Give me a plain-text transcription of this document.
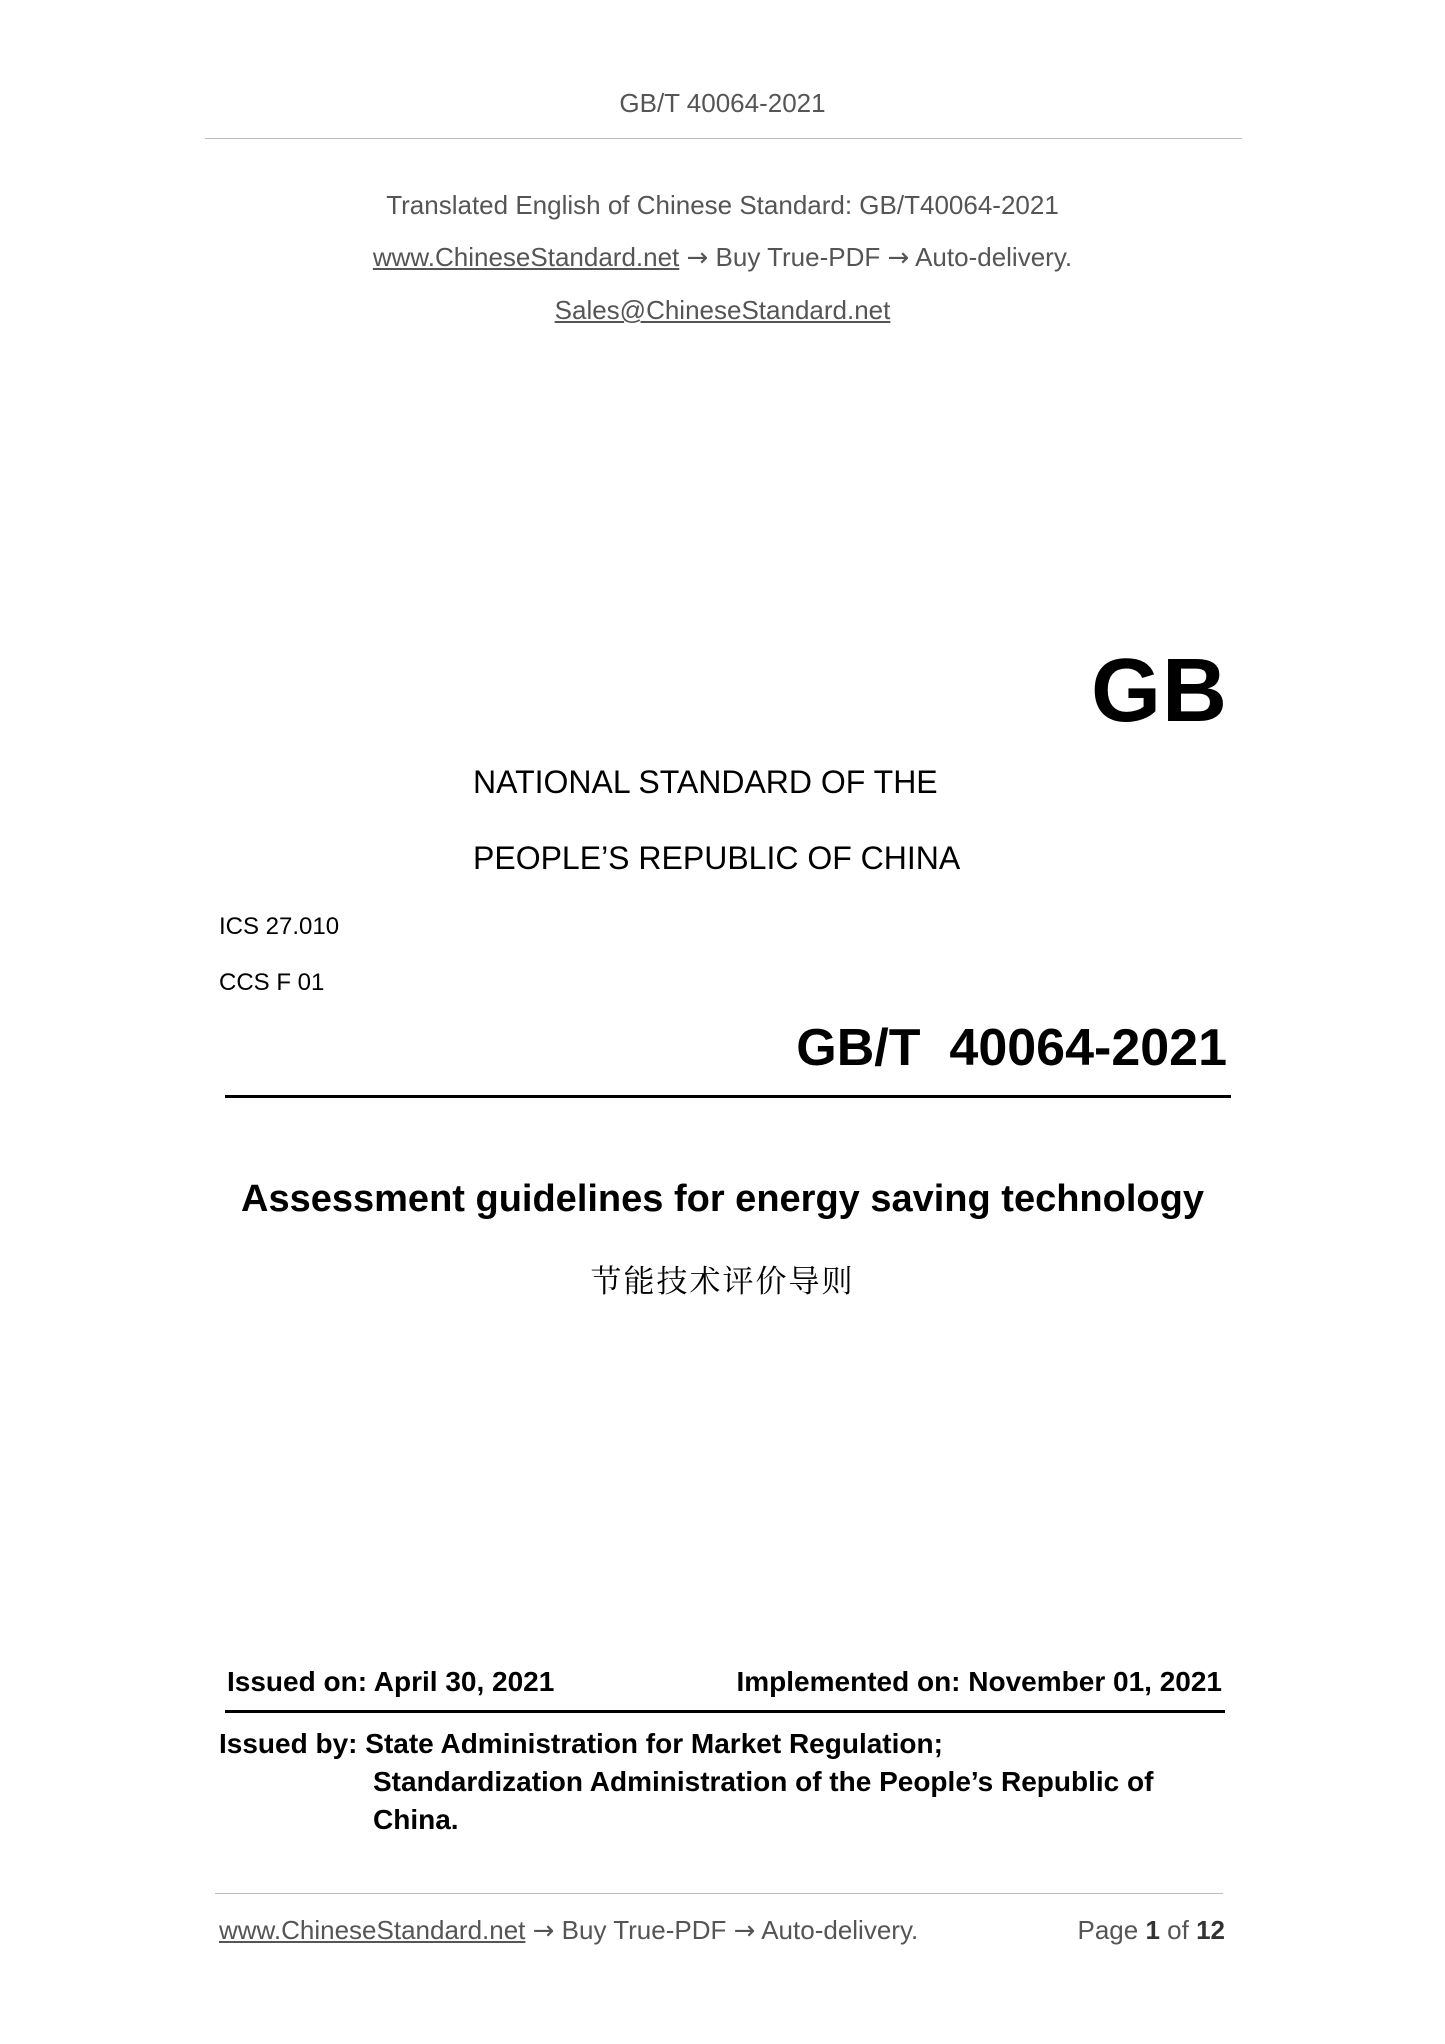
GB/T 40064-2021
Translated English of Chinese Standard: GB/T40064-2021
www.ChineseStandard.net → Buy True-PDF → Auto-delivery.
Sales@ChineseStandard.net
GB
NATIONAL STANDARD OF THE
PEOPLE’S REPUBLIC OF CHINA
ICS 27.010
CCS F 01
GB/T  40064-2021
Assessment guidelines for energy saving technology
节能技术评价导则
Issued on: April 30, 2021	Implemented on: November 01, 2021
Issued by: State Administration for Market Regulation;
Standardization Administration of the People’s Republic of
China.
www.ChineseStandard.net → Buy True-PDF → Auto-delivery.	Page 1 of 12
